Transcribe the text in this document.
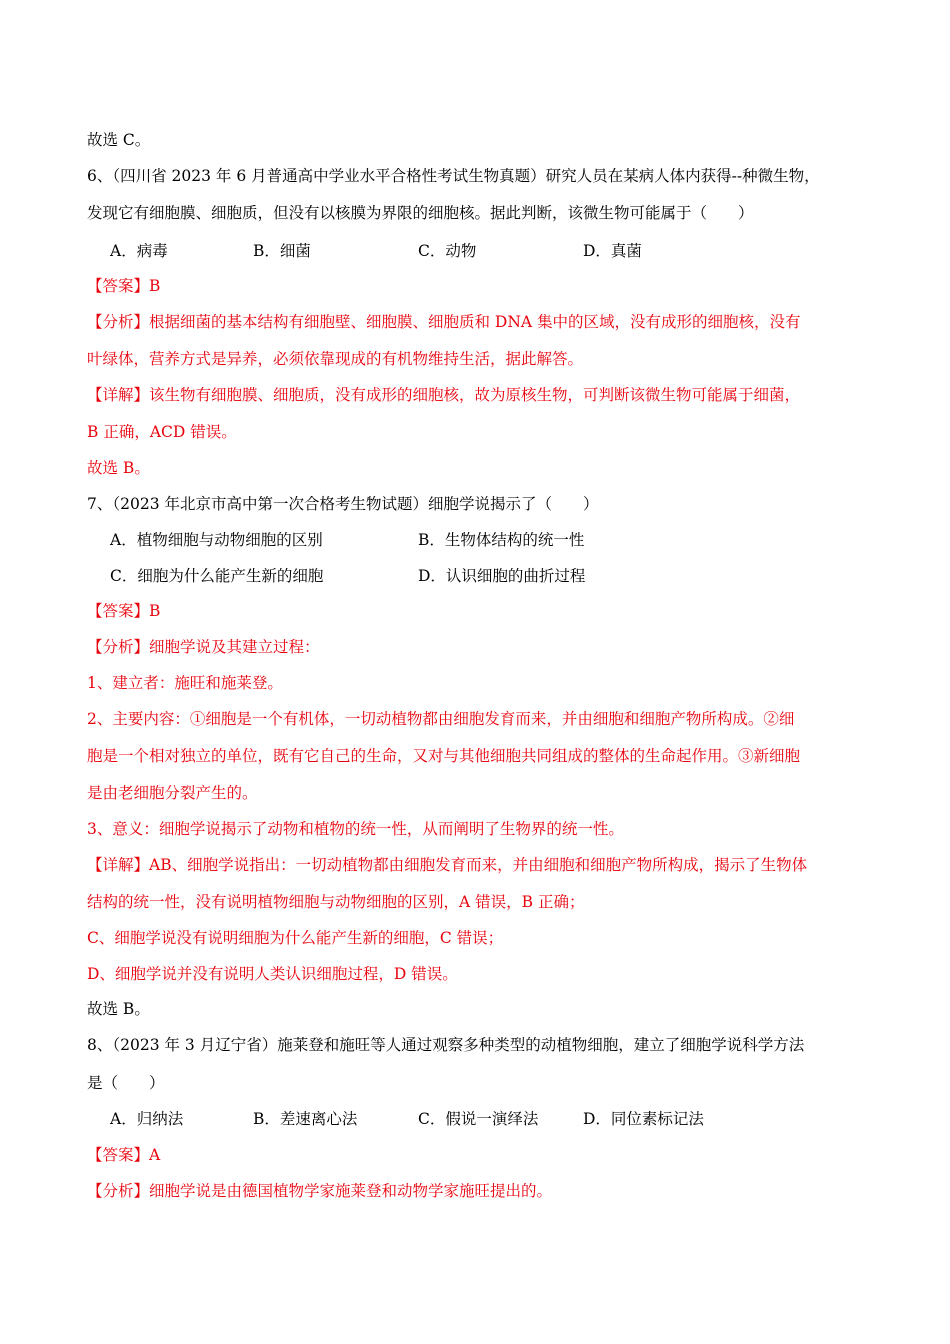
故选 C。
6、（四川省 2023 年 6 月普通高中学业水平合格性考试生物真题）研究人员在某病人体内获得--种微生物，
发现它有细胞膜、细胞质，但没有以核膜为界限的细胞核。据此判断，该微生物可能属于（　　）
A．病毒	B．细菌	C．动物	D．真菌
【答案】B
【分析】根据细菌的基本结构有细胞壁、细胞膜、细胞质和 DNA 集中的区域，没有成形的细胞核，没有
叶绿体，营养方式是异养，必须依靠现成的有机物维持生活，据此解答。
【详解】该生物有细胞膜、细胞质，没有成形的细胞核，故为原核生物，可判断该微生物可能属于细菌，
B 正确，ACD 错误。
故选 B。
7、（2023 年北京市高中第一次合格考生物试题）细胞学说揭示了（　　）
A．植物细胞与动物细胞的区别	B．生物体结构的统一性
C．细胞为什么能产生新的细胞	D．认识细胞的曲折过程
【答案】B
【分析】细胞学说及其建立过程：
1、建立者：施旺和施莱登。
2、主要内容：①细胞是一个有机体，一切动植物都由细胞发育而来，并由细胞和细胞产物所构成。②细
胞是一个相对独立的单位，既有它自己的生命，又对与其他细胞共同组成的整体的生命起作用。③新细胞
是由老细胞分裂产生的。
3、意义：细胞学说揭示了动物和植物的统一性，从而阐明了生物界的统一性。
【详解】AB、细胞学说指出：一切动植物都由细胞发育而来，并由细胞和细胞产物所构成，揭示了生物体
结构的统一性，没有说明植物细胞与动物细胞的区别，A 错误，B 正确；
C、细胞学说没有说明细胞为什么能产生新的细胞，C 错误；
D、细胞学说并没有说明人类认识细胞过程，D 错误。
故选 B。
8、（2023 年 3 月辽宁省）施莱登和施旺等人通过观察多种类型的动植物细胞，建立了细胞学说科学方法
是（　　）
A．归纳法	B．差速离心法	C．假说一演绎法	D．同位素标记法
【答案】A
【分析】细胞学说是由德国植物学家施莱登和动物学家施旺提出的。
